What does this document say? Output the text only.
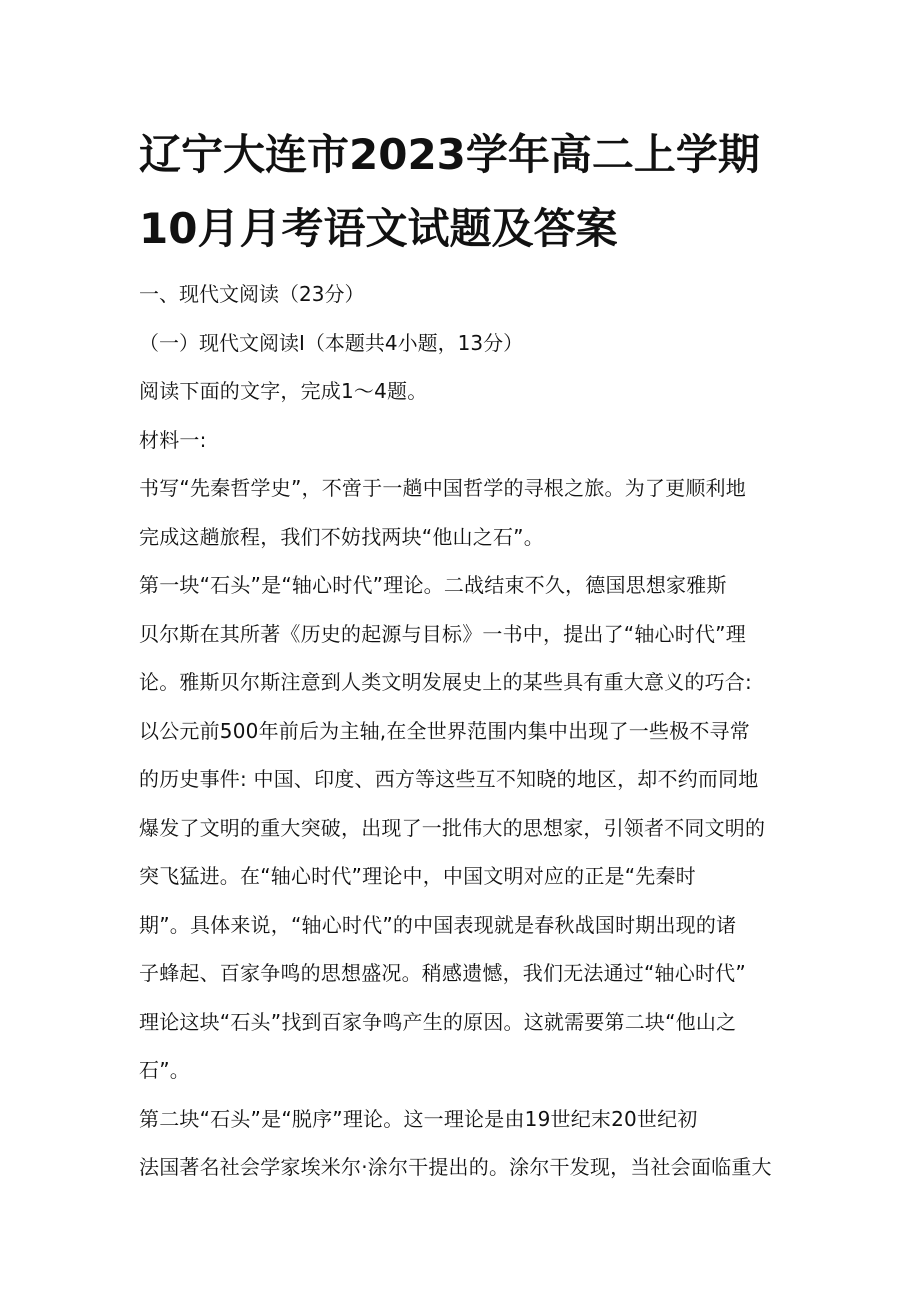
辽宁大连市2023学年高二上学期
10月月考语文试题及答案

一、现代文阅读（23分）

（一）现代文阅读Ⅰ（本题共4小题，13分）

阅读下面的文字，完成1～4题。

材料一:

书写“先秦哲学史”，不啻于一趟中国哲学的寻根之旅。为了更顺利地

完成这趟旅程，我们不妨找两块“他山之石”。

第一块“石头”是“轴心时代”理论。二战结束不久，德国思想家雅斯

贝尔斯在其所著《历史的起源与目标》一书中，提出了“轴心时代”理

论。雅斯贝尔斯注意到人类文明发展史上的某些具有重大意义的巧合:

以公元前500年前后为主轴,在全世界范围内集中出现了一些极不寻常

的历史事件: 中国、印度、西方等这些互不知晓的地区，却不约而同地

爆发了文明的重大突破，出现了一批伟大的思想家，引领者不同文明的

突飞猛进。在“轴心时代”理论中，中国文明对应的正是“先秦时

期”。具体来说，“轴心时代”的中国表现就是春秋战国时期出现的诸

子蜂起、百家争鸣的思想盛况。稍感遗憾，我们无法通过“轴心时代”

理论这块“石头”找到百家争鸣产生的原因。这就需要第二块“他山之

石”。

第二块“石头”是“脱序”理论。这一理论是由19世纪末20世纪初

法国著名社会学家埃米尔·涂尔干提出的。涂尔干发现，当社会面临重大
